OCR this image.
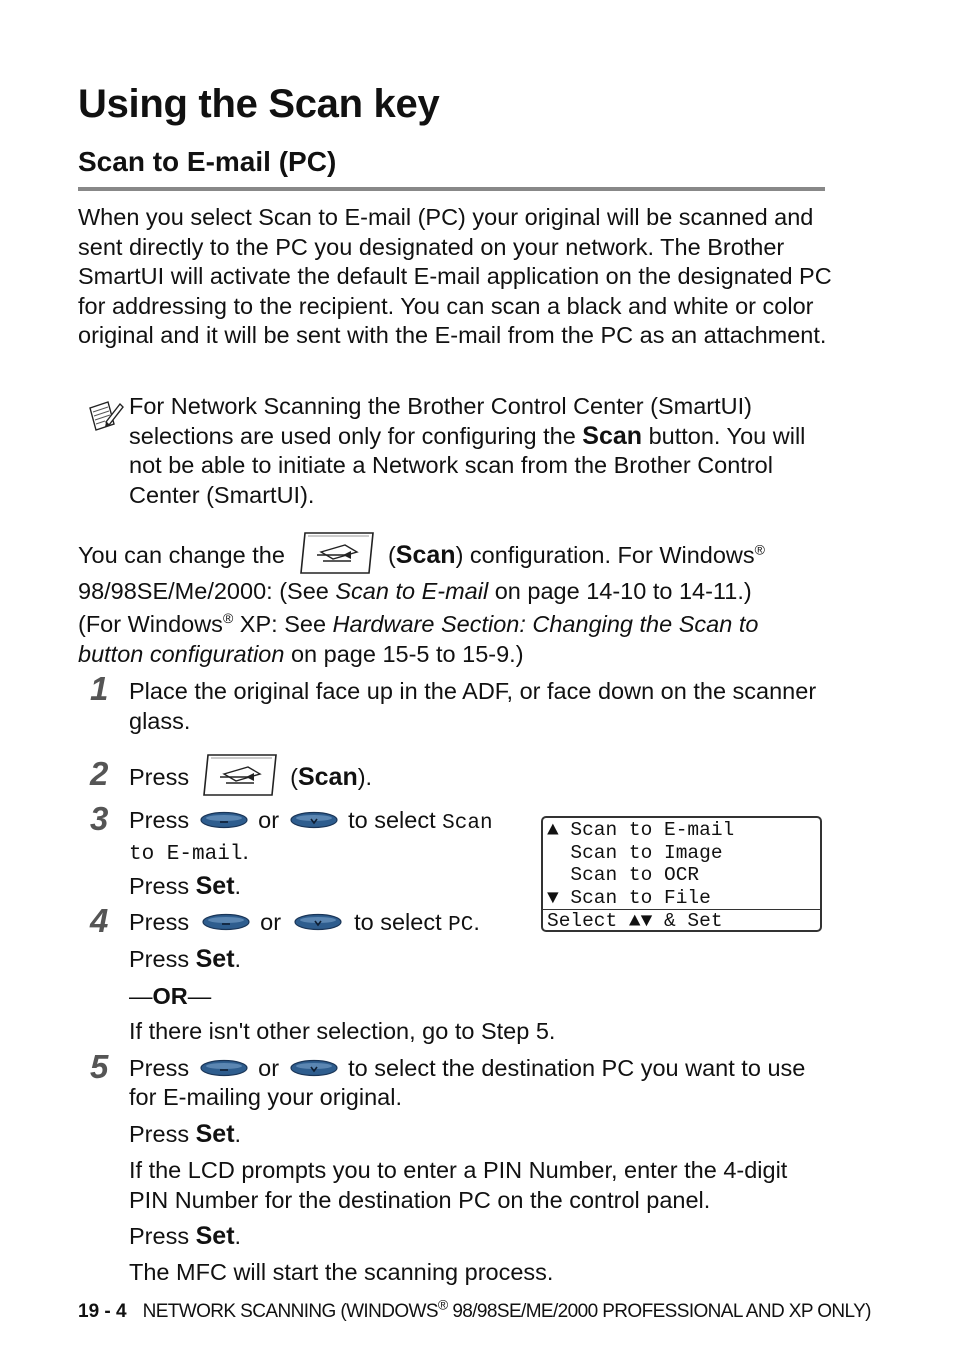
Using the Scan key
Scan to E-mail (PC)
When you select Scan to E-mail (PC) your original will be scanned and sent directly to the PC you designated on your network. The Brother SmartUI will activate the default E-mail application on the designated PC for addressing to the recipient. You can scan a black and white or color original and it will be sent with the E-mail from the PC as an attachment.
For Network Scanning the Brother Control Center (SmartUI) selections are used only for configuring the Scan button. You will not be able to initiate a Network scan from the Brother Control Center (SmartUI).
You can change the	(Scan) configuration. For Windows®
98/98SE/Me/2000: (See Scan to E-mail on page 14-10 to 14-11.)
(For Windows® XP: See Hardware Section: Changing the Scan to
button configuration on page 15-5 to 15-9.)
1 Place the original face up in the ADF, or face down on the scanner glass.
2 Press	(Scan).
3 Press	or	to select Scan
to E-mail.
Press Set.
▲ Scan to E-mail
Scan to Image
Scan to OCR
▼ Scan to File
Select ▲▼ & Set
4 Press	or	to select PC.
Press Set.
—OR—
If there isn't other selection, go to Step 5.
5 Press	or	to select the destination PC you want to use
for E-mailing your original.
Press Set.
If the LCD prompts you to enter a PIN Number, enter the 4-digit PIN Number for the destination PC on the control panel.
Press Set.
The MFC will start the scanning process.
19 - 4 NETWORK SCANNING (WINDOWS® 98/98SE/ME/2000 PROFESSIONAL AND XP ONLY)
